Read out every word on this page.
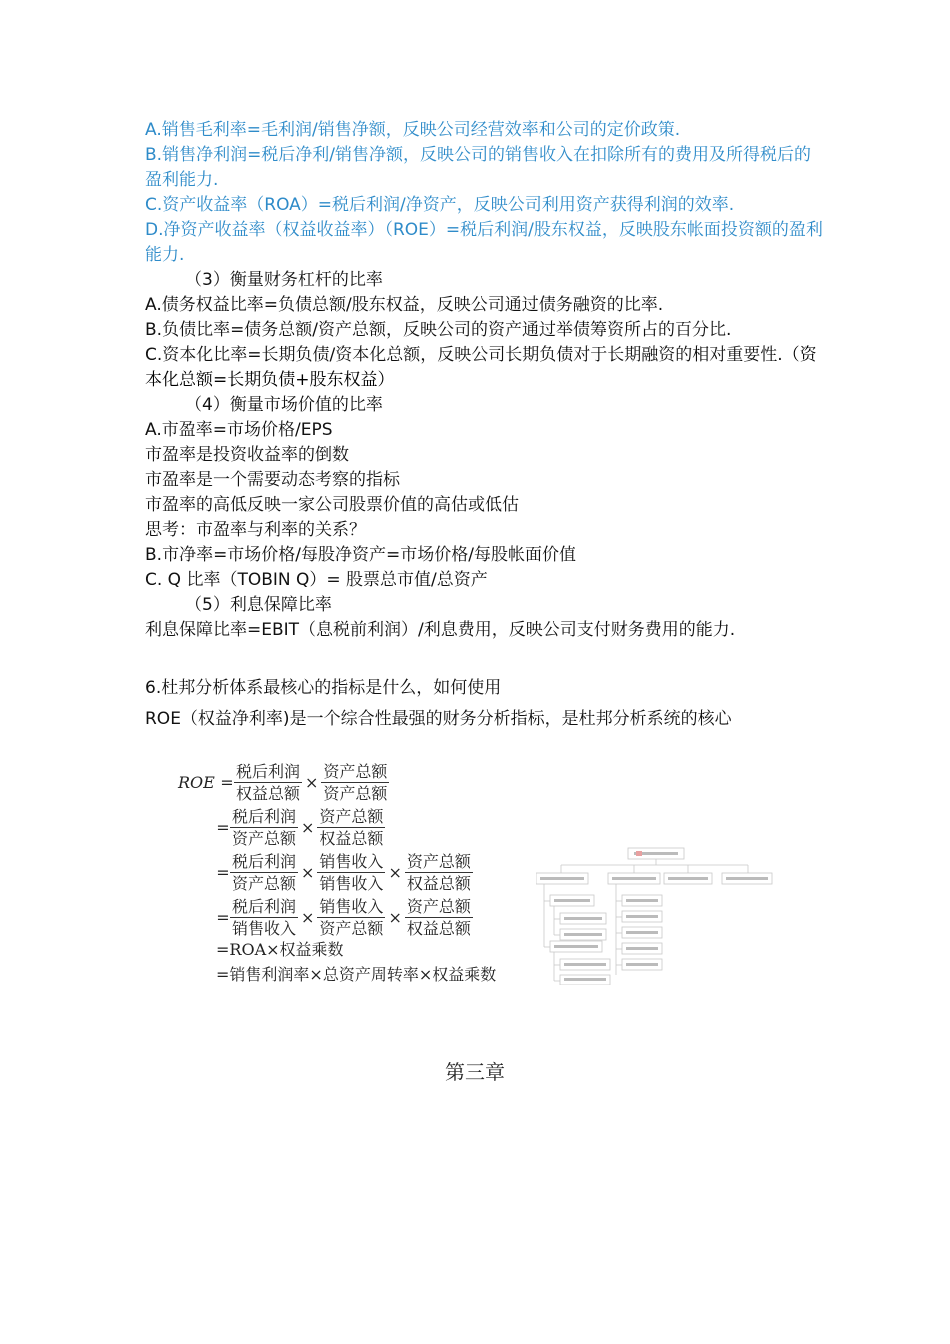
A.销售毛利率=毛利润/销售净额，反映公司经营效率和公司的定价政策.

B.销售净利润=税后净利/销售净额，反映公司的销售收入在扣除所有的费用及所得税后的盈利能力.

C.资产收益率（ROA）=税后利润/净资产，反映公司利用资产获得利润的效率.

D.净资产收益率（权益收益率）（ROE）=税后利润/股东权益，反映股东帐面投资额的盈利能力.

（3）衡量财务杠杆的比率

A.债务权益比率=负债总额/股东权益，反映公司通过债务融资的比率.

B.负债比率=债务总额/资产总额，反映公司的资产通过举债筹资所占的百分比.

C.资本化比率=长期负债/资本化总额，反映公司长期负债对于长期融资的相对重要性.（资本化总额=长期负债+股东权益）

（4）衡量市场价值的比率

A.市盈率=市场价格/EPS

市盈率是投资收益率的倒数

市盈率是一个需要动态考察的指标

市盈率的高低反映一家公司股票价值的高估或低估

思考：市盈率与利率的关系？

B.市净率=市场价格/每股净资产=市场价格/每股帐面价值

C. Q 比率（TOBIN Q）= 股票总市值/总资产

（5）利息保障比率

利息保障比率=EBIT（息税前利润）/利息费用，反映公司支付财务费用的能力.

6.杜邦分析体系最核心的指标是什么，如何使用

ROE（权益净利率)是一个综合性最强的财务分析指标，是杜邦分析系统的核心

ROE = $\frac{\text{税后利润}}{\text{权益总额}} \times \frac{\text{资产总额}}{\text{资产总额}}$
= $\frac{\text{税后利润}}{\text{资产总额}} \times \frac{\text{资产总额}}{\text{权益总额}}$
= $\frac{\text{税后利润}}{\text{资产总额}} \times \frac{\text{销售收入}}{\text{销售收入}} \times \frac{\text{资产总额}}{\text{权益总额}}$
= $\frac{\text{税后利润}}{\text{销售收入}} \times \frac{\text{销售收入}}{\text{资产总额}} \times \frac{\text{资产总额}}{\text{权益总额}}$
=ROA×权益乘数
=销售利润率×总资产周转率×权益乘数
第三章
